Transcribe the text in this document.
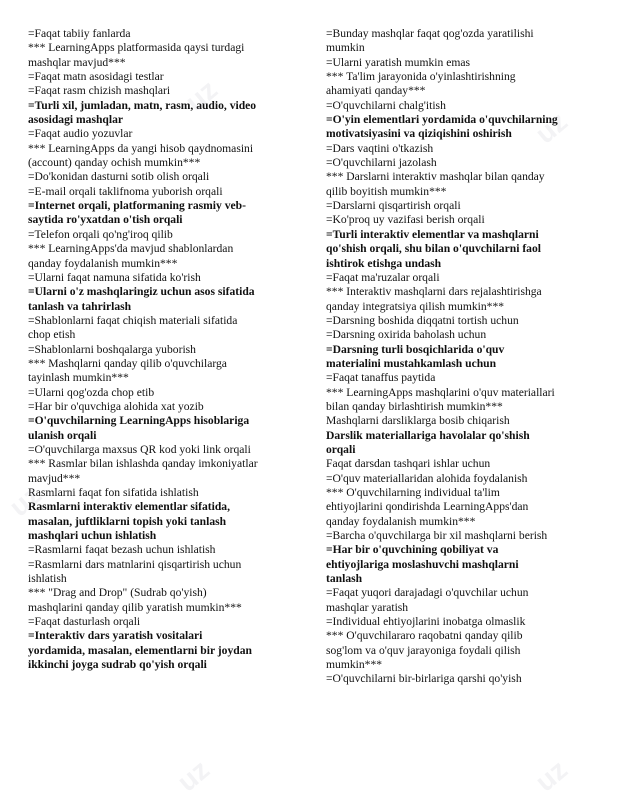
=Faqat tabiiy fanlarda
*** LearningApps platformasida qaysi turdagi
mashqlar mavjud***
=Faqat matn asosidagi testlar
=Faqat rasm chizish mashqlari
=Turli xil, jumladan, matn, rasm, audio, video
asosidagi mashqlar
=Faqat audio yozuvlar
*** LearningApps da yangi hisob qaydnomasini
(account) qanday ochish mumkin***
=Do'konidan dasturni sotib olish orqali
=E-mail orqali taklifnoma yuborish orqali
=Internet orqali, platformaning rasmiy veb-
saytida ro'yxatdan o'tish orqali
=Telefon orqali qo'ng'iroq qilib
*** LearningApps'da mavjud shablonlardan
qanday foydalanish mumkin***
=Ularni faqat namuna sifatida ko'rish
=Ularni o'z mashqlaringiz uchun asos sifatida
tanlash va tahrirlash
=Shablonlarni faqat chiqish materiali sifatida
chop etish
=Shablonlarni boshqalarga yuborish
*** Mashqlarni qanday qilib o'quvchilarga
tayinlash mumkin***
=Ularni qog'ozda chop etib
=Har bir o'quvchiga alohida xat yozib
=O'quvchilarning LearningApps hisoblariga
ulanish orqali
=O'quvchilarga maxsus QR kod yoki link orqali
*** Rasmlar bilan ishlashda qanday imkoniyatlar
mavjud***
Rasmlarni faqat fon sifatida ishlatish
Rasmlarni interaktiv elementlar sifatida,
masalan, juftliklarni topish yoki tanlash
mashqlari uchun ishlatish
=Rasmlarni faqat bezash uchun ishlatish
=Rasmlarni dars matnlarini qisqartirish uchun
ishlatish
*** "Drag and Drop" (Sudrab qo'yish)
mashqlarini qanday qilib yaratish mumkin***
=Faqat dasturlash orqali
=Interaktiv dars yaratish vositalari
yordamida, masalan, elementlarni bir joydan
ikkinchi joyga sudrab qo'yish orqali
=Bunday mashqlar faqat qog'ozda yaratilishi
mumkin
=Ularni yaratish mumkin emas
*** Ta'lim jarayonida o'yinlashtirishning
ahamiyati qanday***
=O'quvchilarni chalg'itish
=O'yin elementlari yordamida o'quvchilarning
motivatsiyasini va qiziqishini oshirish
=Dars vaqtini o'tkazish
=O'quvchilarni jazolash
*** Darslarni interaktiv mashqlar bilan qanday
qilib boyitish mumkin***
=Darslarni qisqartirish orqali
=Ko'proq uy vazifasi berish orqali
=Turli interaktiv elementlar va mashqlarni
qo'shish orqali, shu bilan o'quvchilarni faol
ishtirok etishga undash
=Faqat ma'ruzalar orqali
*** Interaktiv mashqlarni dars rejalashtirishga
qanday integratsiya qilish mumkin***
=Darsning boshida diqqatni tortish uchun
=Darsning oxirida baholash uchun
=Darsning turli bosqichlarida o'quv
materialini mustahkamlash uchun
=Faqat tanaffus paytida
*** LearningApps mashqlarini o'quv materiallari
bilan qanday birlashtirish mumkin***
Mashqlarni darsliklarga bosib chiqarish
Darslik materiallariga havolalar qo'shish
orqali
Faqat darsdan tashqari ishlar uchun
=O'quv materiallaridan alohida foydalanish
*** O'quvchilarning individual ta'lim
ehtiyojlarini qondirishda LearningApps'dan
qanday foydalanish mumkin***
=Barcha o'quvchilarga bir xil mashqlarni berish
=Har bir o'quvchining qobiliyat va
ehtiyojlariga moslashuvchi mashqlarni
tanlash
=Faqat yuqori darajadagi o'quvchilar uchun
mashqlar yaratish
=Individual ehtiyojlarini inobatga olmaslik
*** O'quvchilararo raqobatni qanday qilib
sog'lom va o'quv jarayoniga foydali qilish
mumkin***
=O'quvchilarni bir-birlariga qarshi qo'yish
uz
uz
uz
uz	uz
